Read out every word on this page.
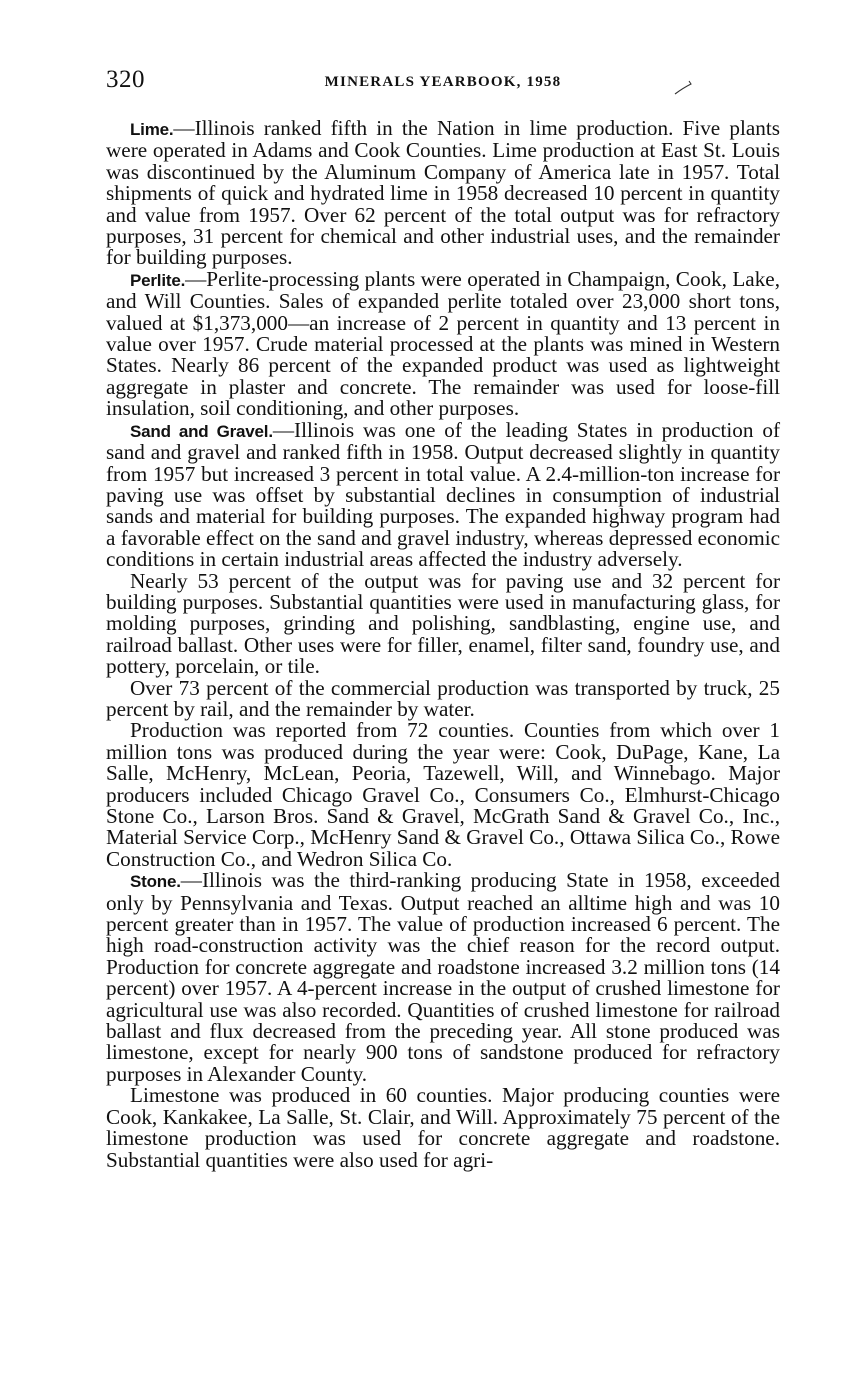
320	MINERALS YEARBOOK, 1958

Lime.—Illinois ranked fifth in the Nation in lime production. Five plants were operated in Adams and Cook Counties. Lime production at East St. Louis was discontinued by the Aluminum Company of America late in 1957. Total shipments of quick and hydrated lime in 1958 decreased 10 percent in quantity and value from 1957. Over 62 percent of the total output was for refractory purposes, 31 percent for chemical and other industrial uses, and the remainder for building purposes.

Perlite.—Perlite-processing plants were operated in Champaign, Cook, Lake, and Will Counties. Sales of expanded perlite totaled over 23,000 short tons, valued at $1,373,000—an increase of 2 percent in quantity and 13 percent in value over 1957. Crude material processed at the plants was mined in Western States. Nearly 86 percent of the expanded product was used as lightweight aggregate in plaster and concrete. The remainder was used for loose-fill insulation, soil conditioning, and other purposes.

Sand and Gravel.—Illinois was one of the leading States in production of sand and gravel and ranked fifth in 1958. Output decreased slightly in quantity from 1957 but increased 3 percent in total value. A 2.4-million-ton increase for paving use was offset by substantial declines in consumption of industrial sands and material for building purposes. The expanded highway program had a favorable effect on the sand and gravel industry, whereas depressed economic conditions in certain industrial areas affected the industry adversely.

Nearly 53 percent of the output was for paving use and 32 percent for building purposes. Substantial quantities were used in manufacturing glass, for molding purposes, grinding and polishing, sandblasting, engine use, and railroad ballast. Other uses were for filler, enamel, filter sand, foundry use, and pottery, porcelain, or tile.

Over 73 percent of the commercial production was transported by truck, 25 percent by rail, and the remainder by water.

Production was reported from 72 counties. Counties from which over 1 million tons was produced during the year were: Cook, DuPage, Kane, La Salle, McHenry, McLean, Peoria, Tazewell, Will, and Winnebago. Major producers included Chicago Gravel Co., Consumers Co., Elmhurst-Chicago Stone Co., Larson Bros. Sand & Gravel, McGrath Sand & Gravel Co., Inc., Material Service Corp., McHenry Sand & Gravel Co., Ottawa Silica Co., Rowe Construction Co., and Wedron Silica Co.

Stone.—Illinois was the third-ranking producing State in 1958, exceeded only by Pennsylvania and Texas. Output reached an alltime high and was 10 percent greater than in 1957. The value of production increased 6 percent. The high road-construction activity was the chief reason for the record output. Production for concrete aggregate and roadstone increased 3.2 million tons (14 percent) over 1957. A 4-percent increase in the output of crushed limestone for agricultural use was also recorded. Quantities of crushed limestone for railroad ballast and flux decreased from the preceding year. All stone produced was limestone, except for nearly 900 tons of sandstone produced for refractory purposes in Alexander County.

Limestone was produced in 60 counties. Major producing counties were Cook, Kankakee, La Salle, St. Clair, and Will. Approximately 75 percent of the limestone production was used for concrete aggregate and roadstone. Substantial quantities were also used for agri-
